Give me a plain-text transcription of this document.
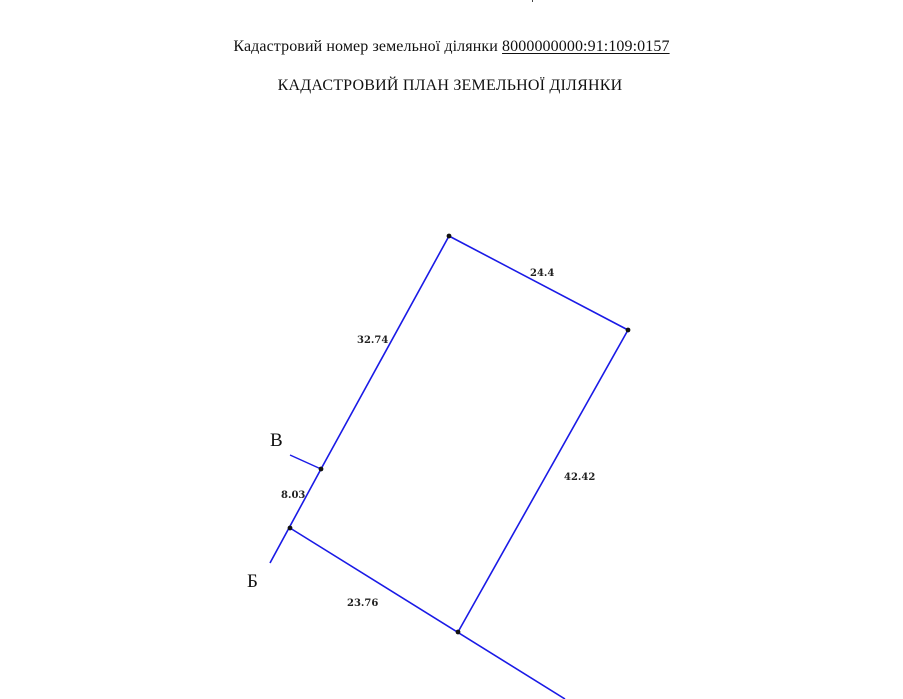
Кадастровий номер земельної ділянки 8000000000:91:109:0157
КАДАСТРОВИЙ ПЛАН ЗЕМЕЛЬНОЇ ДІЛЯНКИ
24.4
32.74
42.42
8.03
23.76
В
Б
